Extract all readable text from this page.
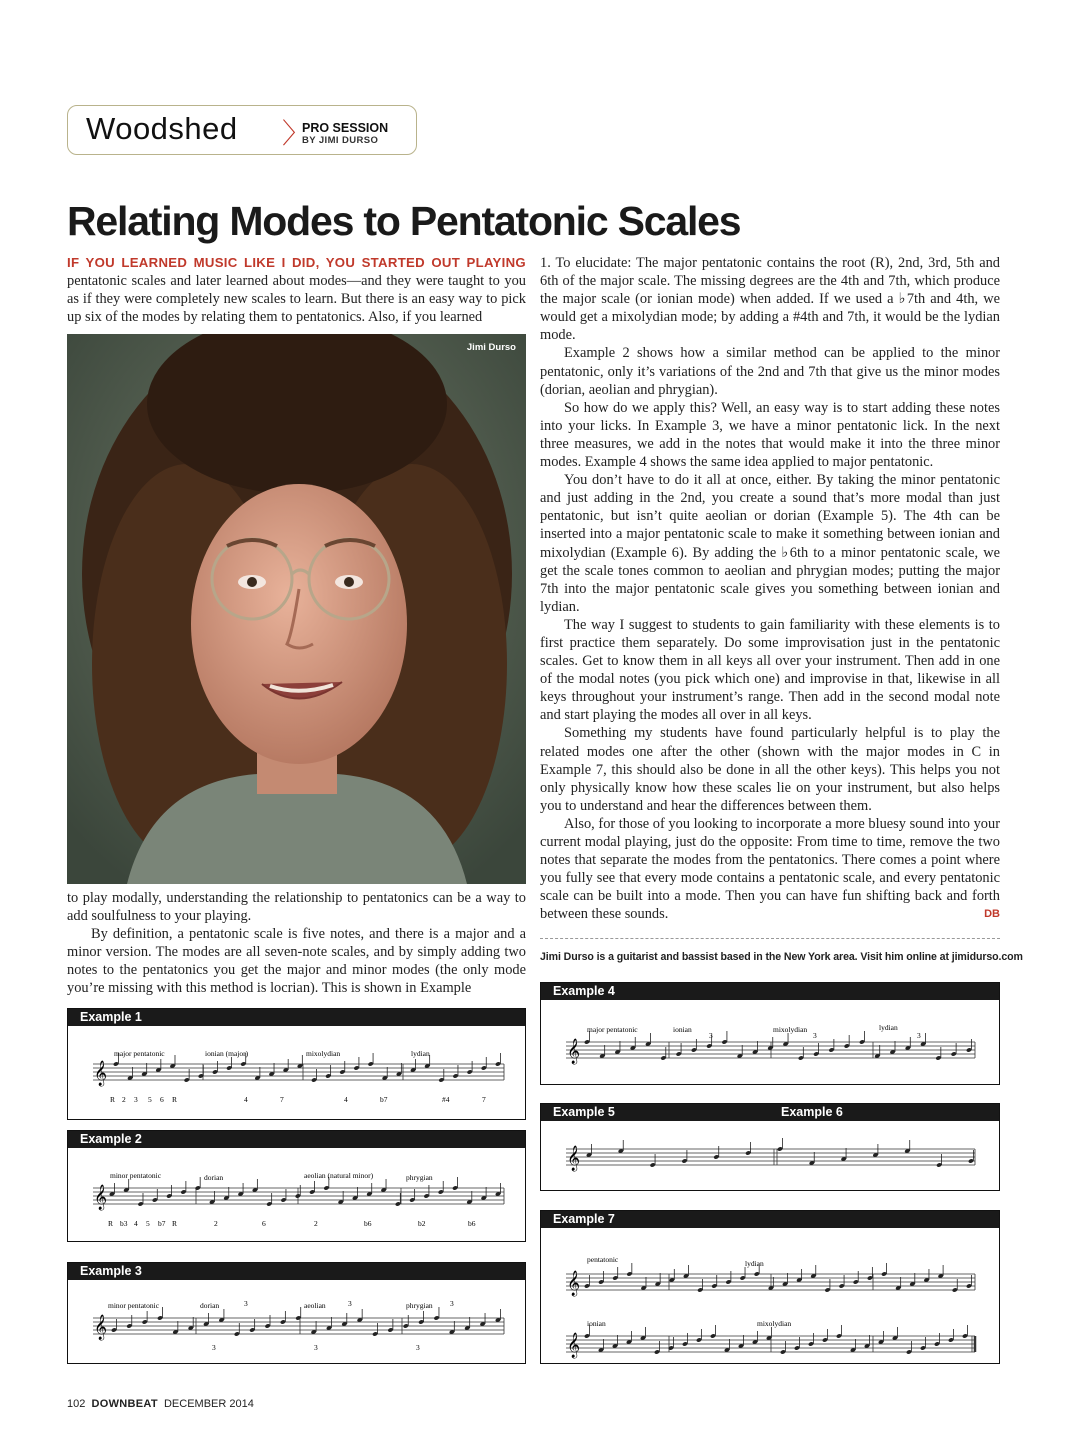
Woodshed 〉
PRO SESSION
BY JIMI DURSO
Relating Modes to Pentatonic Scales

IF YOU LEARNED MUSIC LIKE I DID, YOU STARTED OUT PLAYING pentatonic scales and later learned about modes—and they were taught to you as if they were completely new scales to learn. But there is an easy way to pick up six of the modes by relating them to pentatonics. Also, if you learned

Jimi Durso

to play modally, understanding the relationship to pentatonics can be a way to add soulfulness to your playing.

By definition, a pentatonic scale is five notes, and there is a major and a minor version. The modes are all seven-note scales, and by simply adding two notes to the pentatonics you get the major and minor modes (the only mode you’re missing with this method is locrian). This is shown in Example

1. To elucidate: The major pentatonic contains the root (R), 2nd, 3rd, 5th and 6th of the major scale. The missing degrees are the 4th and 7th, which produce the major scale (or ionian mode) when added. If we used a ♭7th and 4th, we would get a mixolydian mode; by adding a #4th and 7th, it would be the lydian mode.

Example 2 shows how a similar method can be applied to the minor pentatonic, only it’s variations of the 2nd and 7th that give us the minor modes (dorian, aeolian and phrygian).

So how do we apply this? Well, an easy way is to start adding these notes into your licks. In Example 3, we have a minor pentatonic lick. In the next three measures, we add in the notes that would make it into the three minor modes. Example 4 shows the same idea applied to major pentatonic.

You don’t have to do it all at once, either. By taking the minor pentatonic and just adding in the 2nd, you create a sound that’s more modal than just pentatonic, but isn’t quite aeolian or dorian (Example 5). The 4th can be inserted into a major pentatonic scale to make it something between ionian and mixolydian (Example 6). By adding the ♭6th to a minor pentatonic scale, we get the scale tones common to aeolian and phrygian modes; putting the major 7th into the major pentatonic scale gives you something between ionian and lydian.

The way I suggest to students to gain familiarity with these elements is to first practice them separately. Do some improvisation just in the pentatonic scales. Get to know them in all keys all over your instrument. Then add in one of the modal notes (you pick which one) and improvise in that, likewise in all keys throughout your instrument’s range. Then add in the second modal note and start playing the modes all over in all keys.

Something my students have found particularly helpful is to play the related modes one after the other (shown with the major modes in C in Example 7, this should also be done in all the other keys). This helps you not only physically know how these scales lie on your instrument, but also helps you to understand and hear the differences between them.

Also, for those of you looking to incorporate a more bluesy sound into your current modal playing, just do the opposite: From time to time, remove the two notes that separate the modes from the pentatonics. There comes a point where you fully see that every mode contains a pentatonic scale, and every pentatonic scale can be built into a mode. Then you can have fun shifting back and forth between these sounds.	DB

Jimi Durso is a guitarist and bassist based in the New York area. Visit him online at jimidurso.com
Example 1
𝄞
major pentatonic	ionian (major)	mixolydian	lydian
R 2 3 5 6 R	4	7	4	b7	#4	7
Example 2
𝄞
minor pentatonic	dorian	aeolian (natural minor)	phrygian
R b3 4 5 b7 R	2	6	2	b6	b2	b6
Example 3
𝄞
minor pentatonic	dorian	aeolian	phrygian
3	3	3
3	3	3
Example 4
𝄞
major pentatonic	ionian	mixolydian	lydian
3	3	3
Example 5	Example 6
𝄞
Example 7
𝄞
𝄞
pentatonic	lydian
ionian	mixolydian
102 DOWNBEAT DECEMBER 2014
